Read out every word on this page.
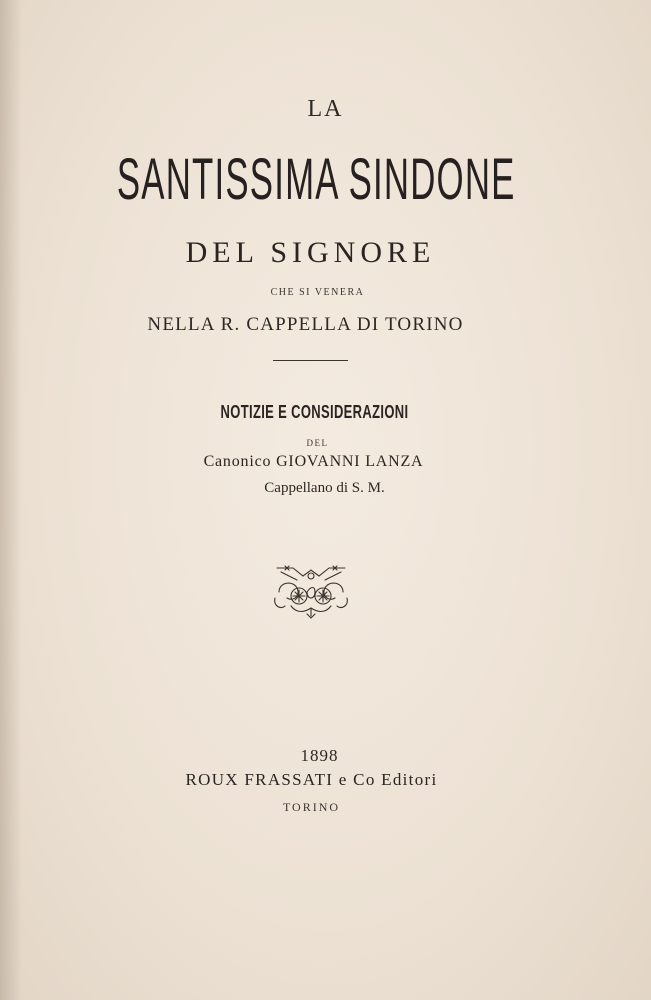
LA
SANTISSIMA SINDONE
DEL SIGNORE
CHE SI VENERA
NELLA R. CAPPELLA DI TORINO
NOTIZIE E CONSIDERAZIONI
DEL
Canonico GIOVANNI LANZA
Cappellano di S. M.
1898
ROUX FRASSATI e Co Editori
TORINO
